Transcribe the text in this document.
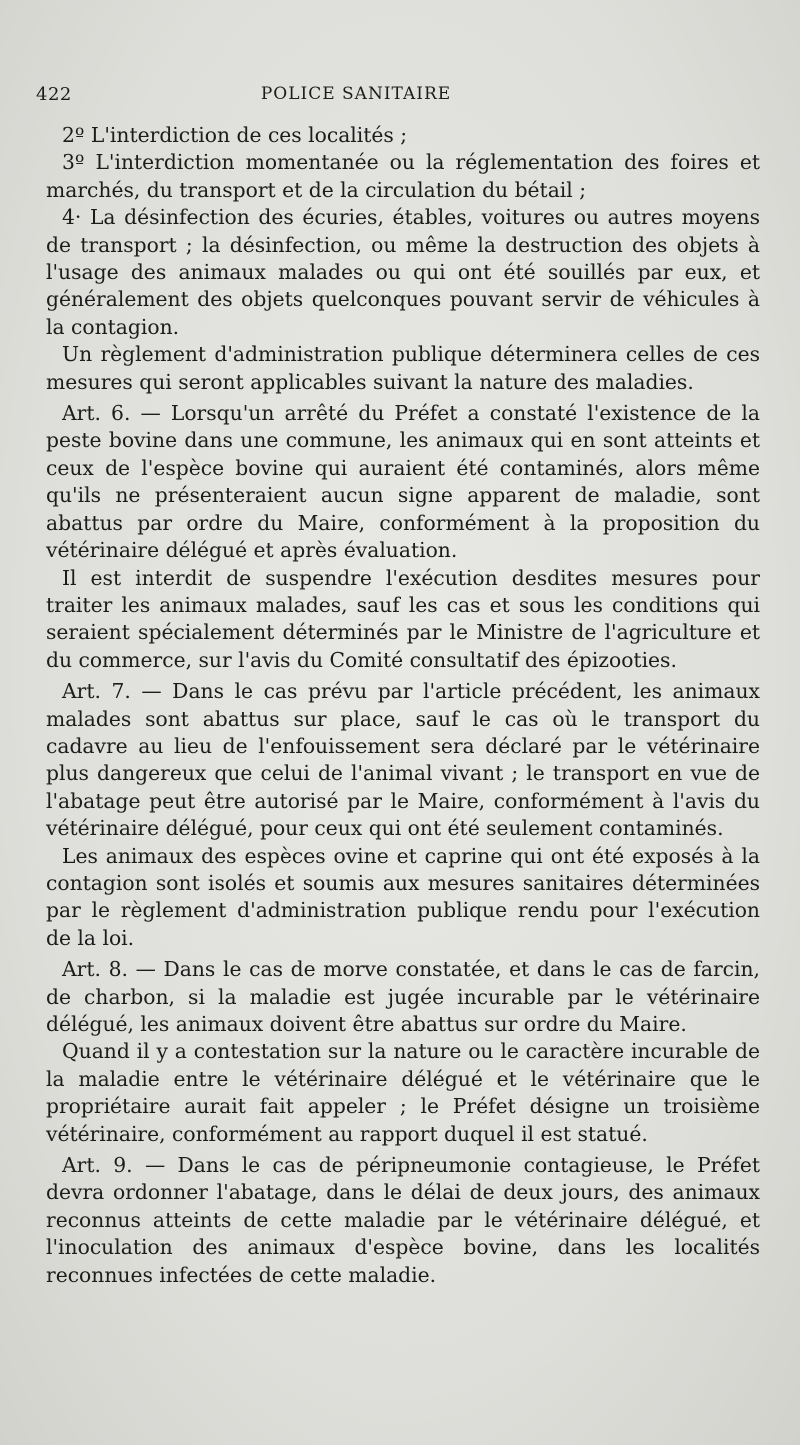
422	POLICE SANITAIRE

2º L'interdiction de ces localités ;

3º L'interdiction momentanée ou la réglementation des foires et marchés, du transport et de la circulation du bétail ;

4· La désinfection des écuries, étables, voitures ou autres moyens de transport ; la désinfection, ou même la destruction des objets à l'usage des animaux malades ou qui ont été souillés par eux, et généralement des objets quelconques pouvant servir de véhicules à la contagion.

Un règlement d'administration publique déterminera celles de ces mesures qui seront applicables suivant la nature des maladies.

Art. 6. — Lorsqu'un arrêté du Préfet a constaté l'existence de la peste bovine dans une commune, les animaux qui en sont atteints et ceux de l'espèce bovine qui auraient été contaminés, alors même qu'ils ne présenteraient aucun signe apparent de maladie, sont abattus par ordre du Maire, conformément à la proposition du vétérinaire délégué et après évaluation.

Il est interdit de suspendre l'exécution desdites mesures pour traiter les animaux malades, sauf les cas et sous les conditions qui seraient spécialement déterminés par le Ministre de l'agriculture et du commerce, sur l'avis du Comité consultatif des épizooties.

Art. 7. — Dans le cas prévu par l'article précédent, les animaux malades sont abattus sur place, sauf le cas où le transport du cadavre au lieu de l'enfouissement sera déclaré par le vétérinaire plus dangereux que celui de l'animal vivant ; le transport en vue de l'abatage peut être autorisé par le Maire, conformément à l'avis du vétérinaire délégué, pour ceux qui ont été seulement contaminés.

Les animaux des espèces ovine et caprine qui ont été exposés à la contagion sont isolés et soumis aux mesures sanitaires déterminées par le règlement d'administration publique rendu pour l'exécution de la loi.

Art. 8. — Dans le cas de morve constatée, et dans le cas de farcin, de charbon, si la maladie est jugée incurable par le vétérinaire délégué, les animaux doivent être abattus sur ordre du Maire.

Quand il y a contestation sur la nature ou le caractère incurable de la maladie entre le vétérinaire délégué et le vétérinaire que le propriétaire aurait fait appeler ; le Préfet désigne un troisième vétérinaire, conformément au rapport duquel il est statué.

Art. 9. — Dans le cas de péripneumonie contagieuse, le Préfet devra ordonner l'abatage, dans le délai de deux jours, des animaux reconnus atteints de cette maladie par le vétérinaire délégué, et l'inoculation des animaux d'espèce bovine, dans les localités reconnues infectées de cette maladie.
